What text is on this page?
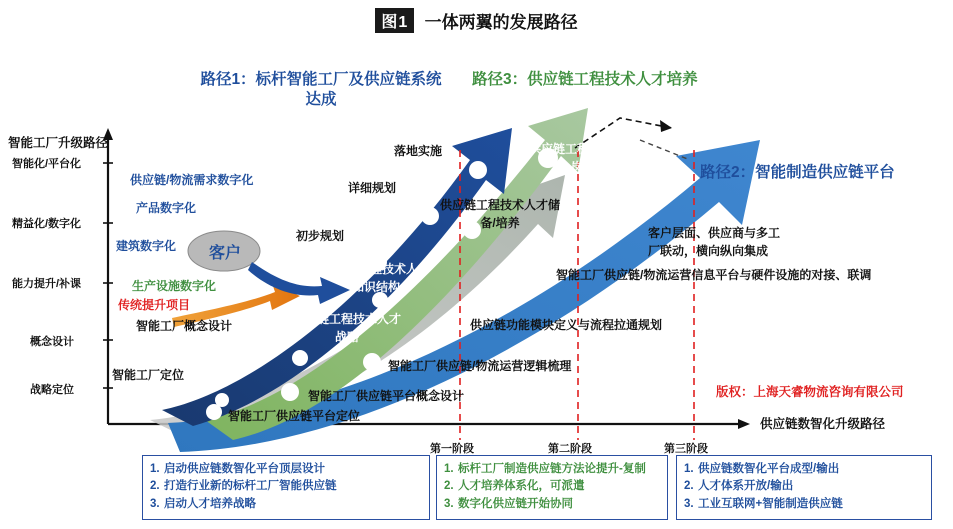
图1 一体两翼的发展路径
智能工厂升级路径
供应链数智化升级路径
智能化/平台化
精益化/数字化
能力提升/补课
概念设计
战略定位
路径1：标杆智能工厂及供应链系统达成
路径3：供应链工程技术人才培养
路径2：智能制造供应链平台
落地实施
详细规划
初步规划
智能工厂概念设计
智能工厂定位
供应链/物流需求数字化
产品数字化
建筑数字化
生产设施数字化
客户
传统提升项目
供应链工程技术人才上岗输出
供应链工程技术人才储备/培养
供应链工程技术人才知识结构
供应链工程技术人才战略
客户层面、供应商与多工厂联动，横向纵向集成
智能工厂供应链/物流运营信息平台与硬件设施的对接、联调
供应链功能模块定义与流程拉通规划
智能工厂供应链/物流运营逻辑梳理
智能工厂供应链平台概念设计
智能工厂供应链平台定位
第一阶段	第二阶段	第三阶段
版权：上海天睿物流咨询有限公司
1. 启动供应链数智化平台顶层设计
2. 打造行业新的标杆工厂智能供应链
3. 启动人才培养战略
1. 标杆工厂制造供应链方法论提升-复制
2. 人才培养体系化，可派遣
3. 数字化供应链开始协同
1. 供应链数智化平台成型/输出
2. 人才体系开放/输出
3. 工业互联网+智能制造供应链
